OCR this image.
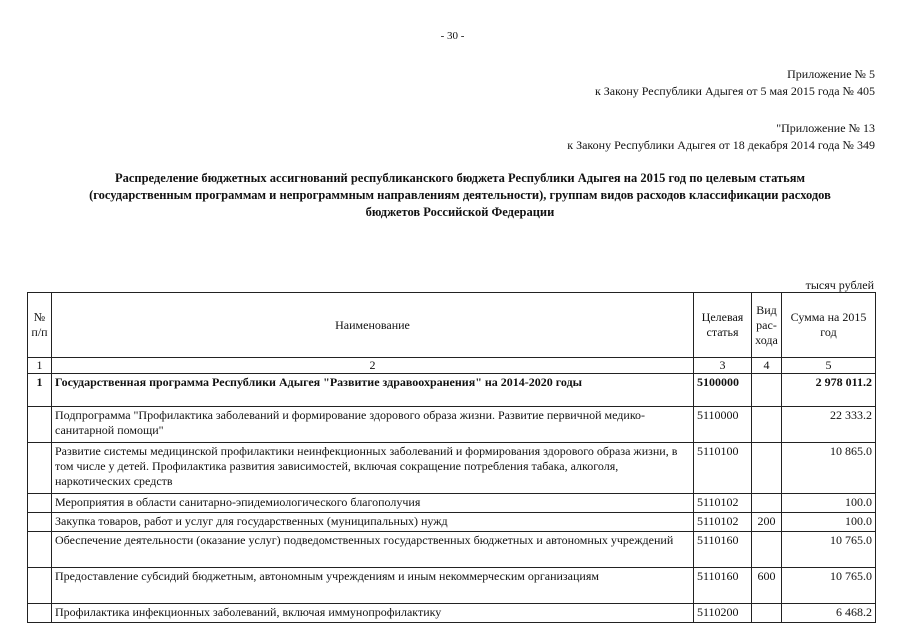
- 30 -
Приложение № 5
к Закону Республики Адыгея от 5 мая 2015 года № 405
"Приложение № 13
к Закону Республики Адыгея от 18 декабря 2014 года № 349
Распределение бюджетных ассигнований республиканского бюджета Республики Адыгея на 2015 год по целевым статьям (государственным программам и непрограммным направлениям деятельности), группам видов расходов классификации расходов бюджетов Российской Федерации
тысяч рублей
№ п/п	Наименование	Целевая статья	Вид рас-хода	Сумма на 2015 год
1	2	3	4	5
1	Государственная программа Республики Адыгея "Развитие здравоохранения" на 2014-2020 годы	5100000		2 978 011.2
	Подпрограмма "Профилактика заболеваний и формирование здорового образа жизни. Развитие первичной медико-санитарной помощи"	5110000		22 333.2
	Развитие системы медицинской профилактики неинфекционных заболеваний и формирования здорового образа жизни, в том числе у детей. Профилактика развития зависимостей, включая сокращение потребления табака, алкоголя, наркотических средств	5110100		10 865.0
	Мероприятия в области санитарно-эпидемиологического благополучия	5110102		100.0
	Закупка товаров, работ и услуг для государственных (муниципальных) нужд	5110102	200	100.0
	Обеспечение деятельности (оказание услуг) подведомственных государственных бюджетных и автономных учреждений	5110160		10 765.0
	Предоставление субсидий бюджетным, автономным учреждениям и иным некоммерческим организациям	5110160	600	10 765.0
	Профилактика инфекционных заболеваний, включая иммунопрофилактику	5110200		6 468.2
